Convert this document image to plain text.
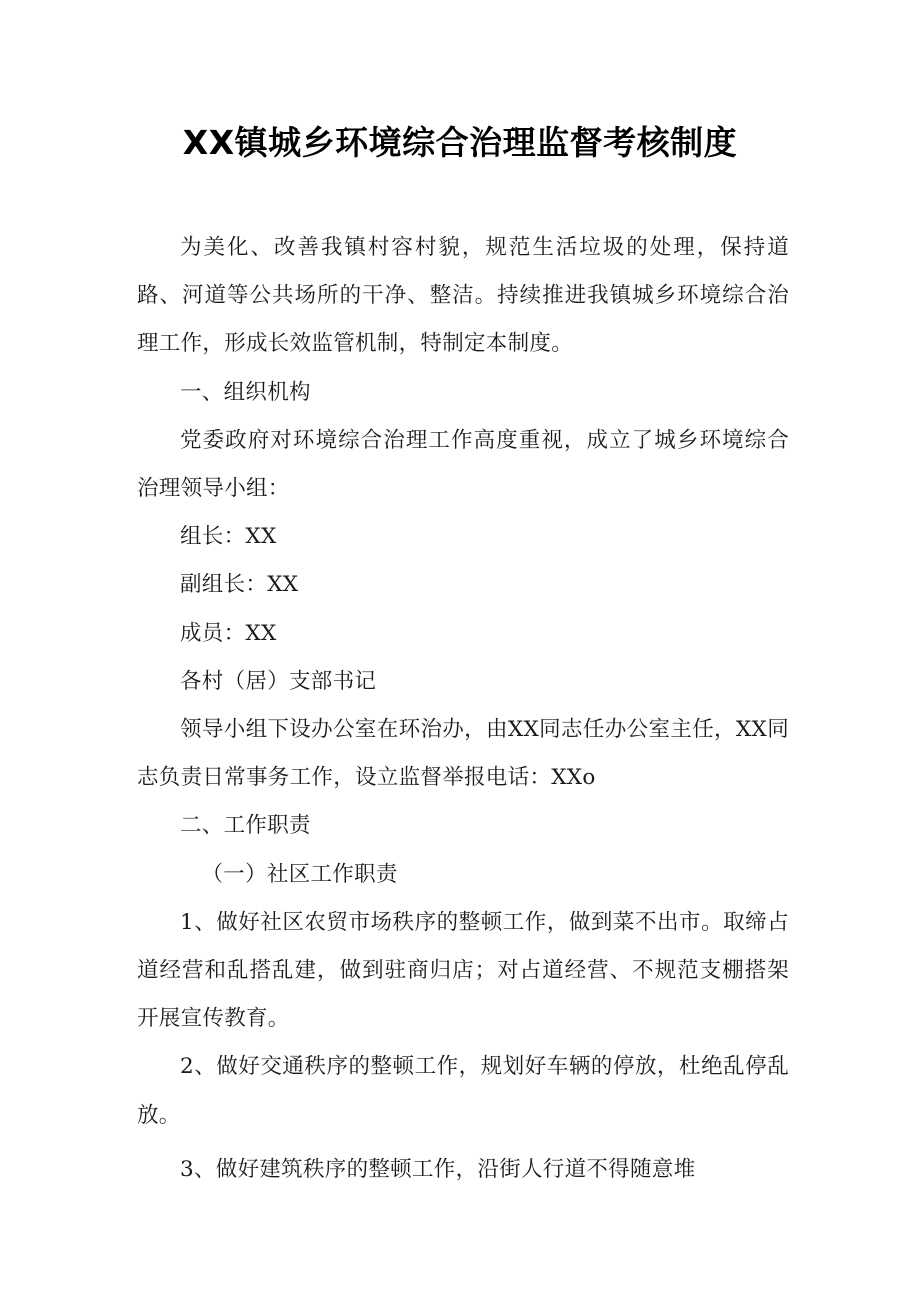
XX镇城乡环境综合治理监督考核制度

为美化、改善我镇村容村貌，规范生活垃圾的处理，保持道路、河道等公共场所的干净、整洁。持续推进我镇城乡环境综合治理工作，形成长效监管机制，特制定本制度。

一、组织机构

党委政府对环境综合治理工作高度重视，成立了城乡环境综合治理领导小组：

组长：XX

副组长：XX

成员：XX

各村（居）支部书记

领导小组下设办公室在环治办，由XX同志任办公室主任，XX同志负责日常事务工作，设立监督举报电话：XXo

二、工作职责

（一）社区工作职责

1、做好社区农贸市场秩序的整顿工作，做到菜不出市。取缔占道经营和乱搭乱建，做到驻商归店；对占道经营、不规范支棚搭架开展宣传教育。

2、做好交通秩序的整顿工作，规划好车辆的停放，杜绝乱停乱放。

3、做好建筑秩序的整顿工作，沿街人行道不得随意堆
